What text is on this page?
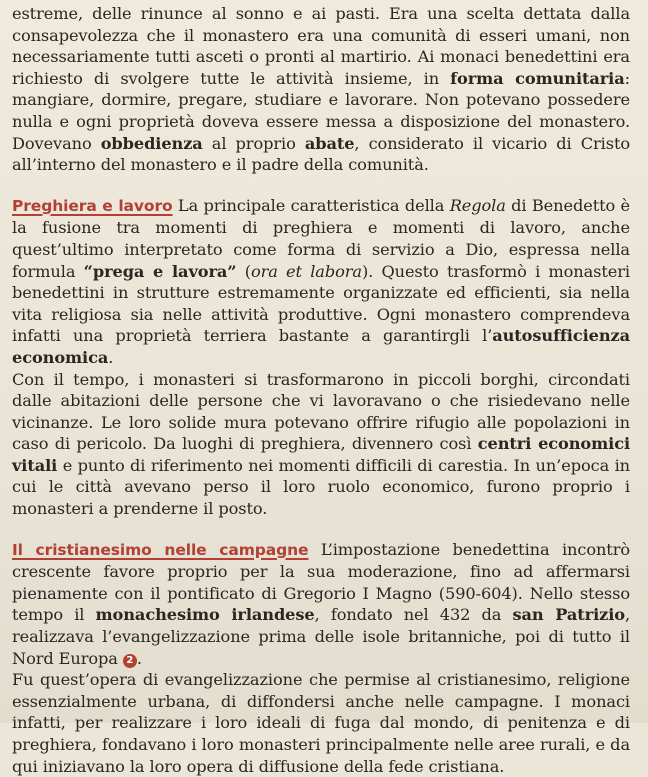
estreme, delle rinunce al sonno e ai pasti. Era una scelta dettata dalla consapevolezza che il monastero era una comunità di esseri umani, non necessariamente tutti asceti o pronti al martirio. Ai monaci benedettini era richiesto di svolgere tutte le attività insieme, in forma comunitaria: mangiare, dormire, pregare, studiare e lavorare. Non potevano possedere nulla e ogni proprietà doveva essere messa a disposizione del monastero. Dovevano obbedienza al proprio abate, considerato il vicario di Cristo all’interno del monastero e il padre della comunità.

Preghiera e lavoro La principale caratteristica della Regola di Benedetto è la fusione tra momenti di preghiera e momenti di lavoro, anche quest’ultimo interpretato come forma di servizio a Dio, espressa nella formula “prega e lavora” (ora et labora). Questo trasformò i monasteri benedettini in strutture estremamente organizzate ed efficienti, sia nella vita religiosa sia nelle attività produttive. Ogni monastero comprendeva infatti una proprietà terriera bastante a garantirgli l’autosufficienza economica.

Con il tempo, i monasteri si trasformarono in piccoli borghi, circondati dalle abitazioni delle persone che vi lavoravano o che risiedevano nelle vicinanze. Le loro solide mura potevano offrire rifugio alle popolazioni in caso di pericolo. Da luoghi di preghiera, divennero così centri economici vitali e punto di riferimento nei momenti difficili di carestia. In un’epoca in cui le città avevano perso il loro ruolo economico, furono proprio i monasteri a prenderne il posto.

Il cristianesimo nelle campagne L’impostazione benedettina incontrò crescente favore proprio per la sua moderazione, fino ad affermarsi pienamente con il pontificato di Gregorio I Magno (590-604). Nello stesso tempo il monachesimo irlandese, fondato nel 432 da san Patrizio, realizzava l’evangelizzazione prima delle isole britanniche, poi di tutto il Nord Europa 2 .

Fu quest’opera di evangelizzazione che permise al cristianesimo, religione essenzialmente urbana, di diffondersi anche nelle campagne. I monaci infatti, per realizzare i loro ideali di fuga dal mondo, di penitenza e di preghiera, fondavano i loro monasteri principalmente nelle aree rurali, e da qui iniziavano la loro opera di diffusione della fede cristiana.
